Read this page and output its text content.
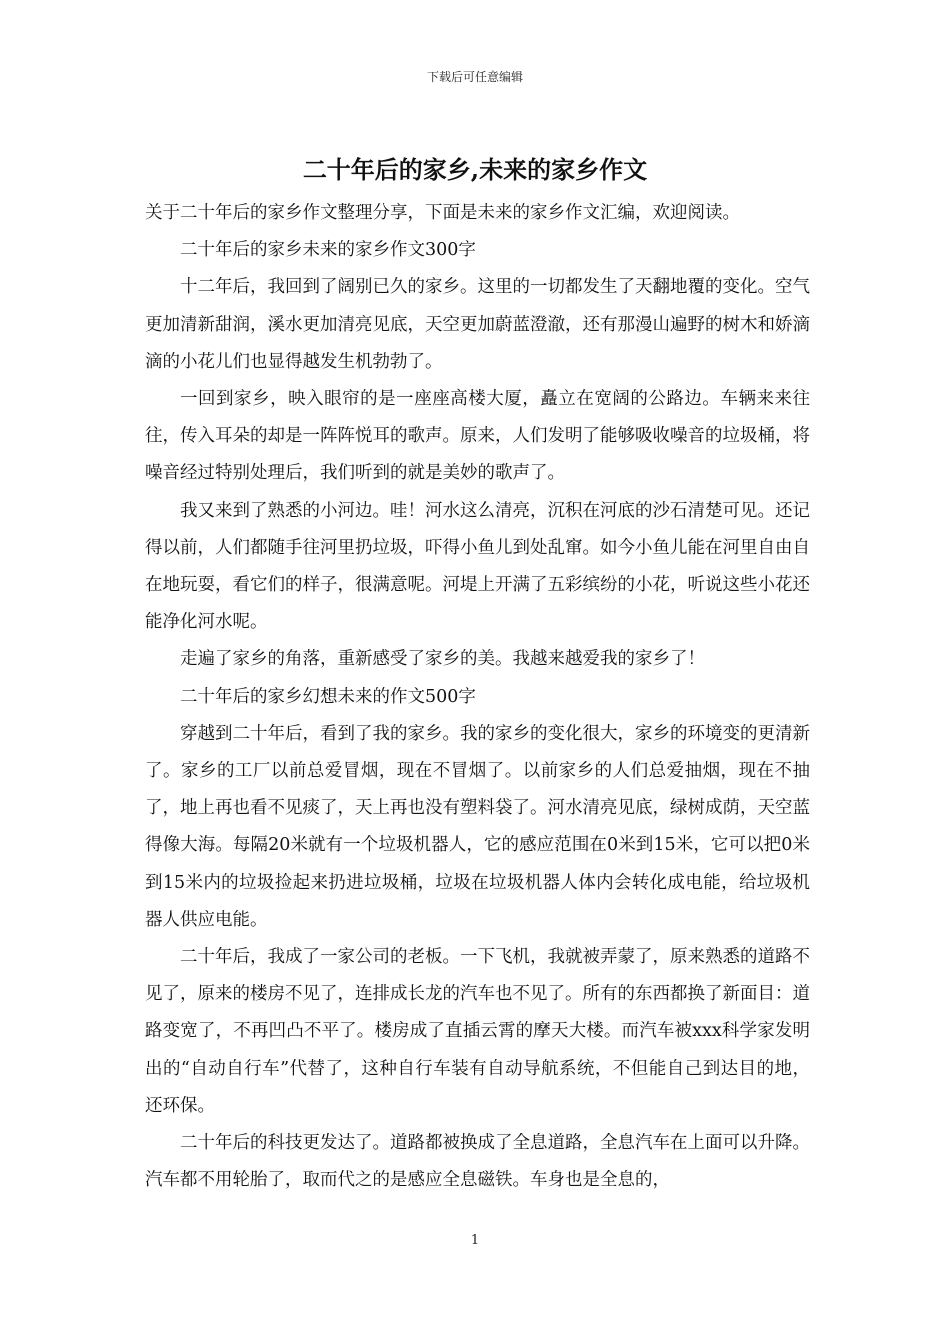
下载后可任意编辑
二十年后的家乡,未来的家乡作文

关于二十年后的家乡作文整理分享，下面是未来的家乡作文汇编，欢迎阅读。

二十年后的家乡未来的家乡作文300字

十二年后，我回到了阔别已久的家乡。这里的一切都发生了天翻地覆的变化。空气更加清新甜润，溪水更加清亮见底，天空更加蔚蓝澄澈，还有那漫山遍野的树木和娇滴滴的小花儿们也显得越发生机勃勃了。

一回到家乡，映入眼帘的是一座座高楼大厦，矗立在宽阔的公路边。车辆来来往往，传入耳朵的却是一阵阵悦耳的歌声。原来，人们发明了能够吸收噪音的垃圾桶，将噪音经过特别处理后，我们听到的就是美妙的歌声了。

我又来到了熟悉的小河边。哇！河水这么清亮，沉积在河底的沙石清楚可见。还记得以前，人们都随手往河里扔垃圾，吓得小鱼儿到处乱窜。如今小鱼儿能在河里自由自在地玩耍，看它们的样子，很满意呢。河堤上开满了五彩缤纷的小花，听说这些小花还能净化河水呢。

走遍了家乡的角落，重新感受了家乡的美。我越来越爱我的家乡了！

二十年后的家乡幻想未来的作文500字

穿越到二十年后，看到了我的家乡。我的家乡的变化很大，家乡的环境变的更清新了。家乡的工厂以前总爱冒烟，现在不冒烟了。以前家乡的人们总爱抽烟，现在不抽了，地上再也看不见痰了，天上再也没有塑料袋了。河水清亮见底，绿树成荫，天空蓝得像大海。每隔20米就有一个垃圾机器人，它的感应范围在0米到15米，它可以把0米到15米内的垃圾捡起来扔进垃圾桶，垃圾在垃圾机器人体内会转化成电能，给垃圾机器人供应电能。

二十年后，我成了一家公司的老板。一下飞机，我就被弄蒙了，原来熟悉的道路不见了，原来的楼房不见了，连排成长龙的汽车也不见了。所有的东西都换了新面目：道路变宽了，不再凹凸不平了。楼房成了直插云霄的摩天大楼。而汽车被xxx科学家发明出的“自动自行车”代替了，这种自行车装有自动导航系统，不但能自己到达目的地，还环保。

二十年后的科技更发达了。道路都被换成了全息道路，全息汽车在上面可以升降。汽车都不用轮胎了，取而代之的是感应全息磁铁。车身也是全息的，

1
